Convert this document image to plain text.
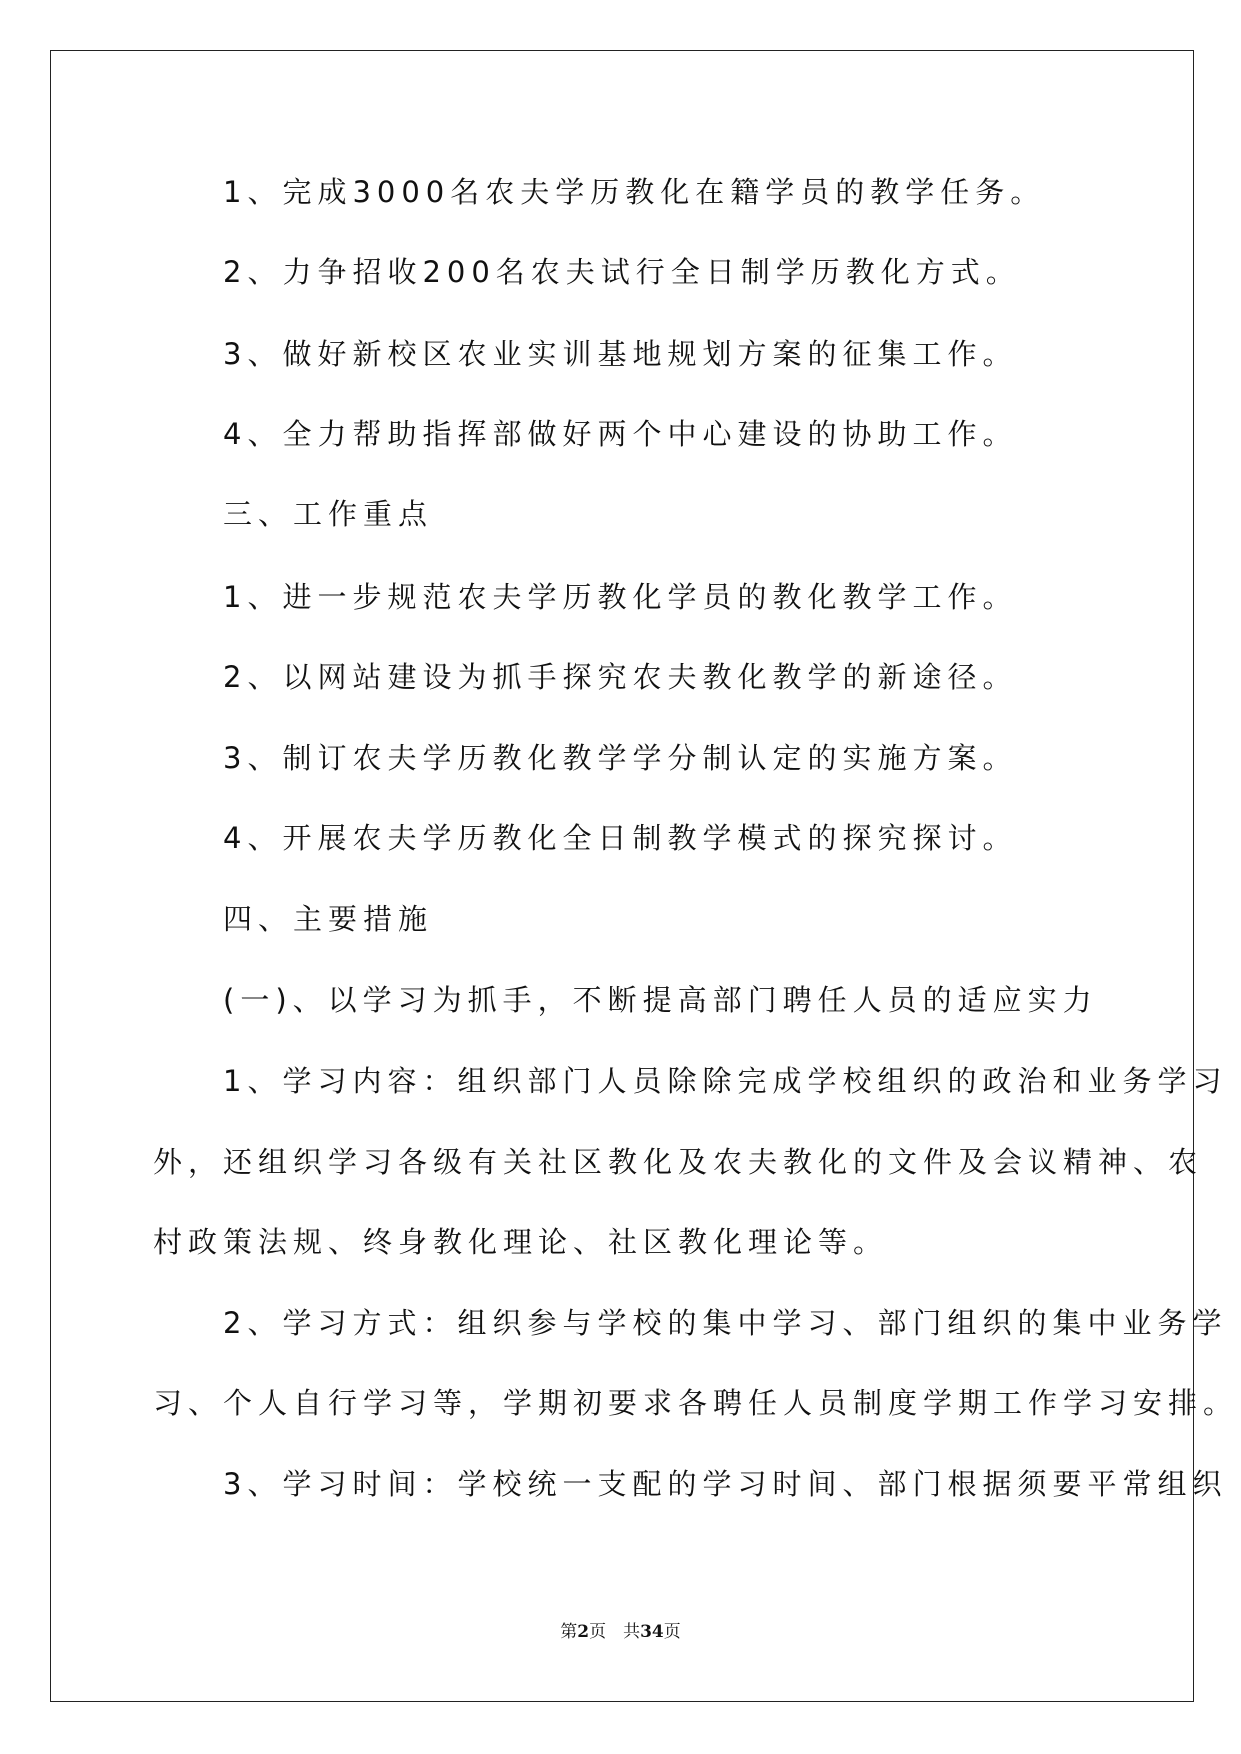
　　1、完成3000名农夫学历教化在籍学员的教学任务。
　　2、力争招收200名农夫试行全日制学历教化方式。
　　3、做好新校区农业实训基地规划方案的征集工作。
　　4、全力帮助指挥部做好两个中心建设的协助工作。
　　三、工作重点
　　1、进一步规范农夫学历教化学员的教化教学工作。
　　2、以网站建设为抓手探究农夫教化教学的新途径。
　　3、制订农夫学历教化教学学分制认定的实施方案。
　　4、开展农夫学历教化全日制教学模式的探究探讨。
　　四、主要措施
　　(一)、以学习为抓手，不断提高部门聘任人员的适应实力
　　1、学习内容：组织部门人员除除完成学校组织的政治和业务学习
外，还组织学习各级有关社区教化及农夫教化的文件及会议精神、农
村政策法规、终身教化理论、社区教化理论等。
　　2、学习方式：组织参与学校的集中学习、部门组织的集中业务学
习、个人自行学习等，学期初要求各聘任人员制度学期工作学习安排。
　　3、学习时间：学校统一支配的学习时间、部门根据须要平常组织
第2页　共34页
